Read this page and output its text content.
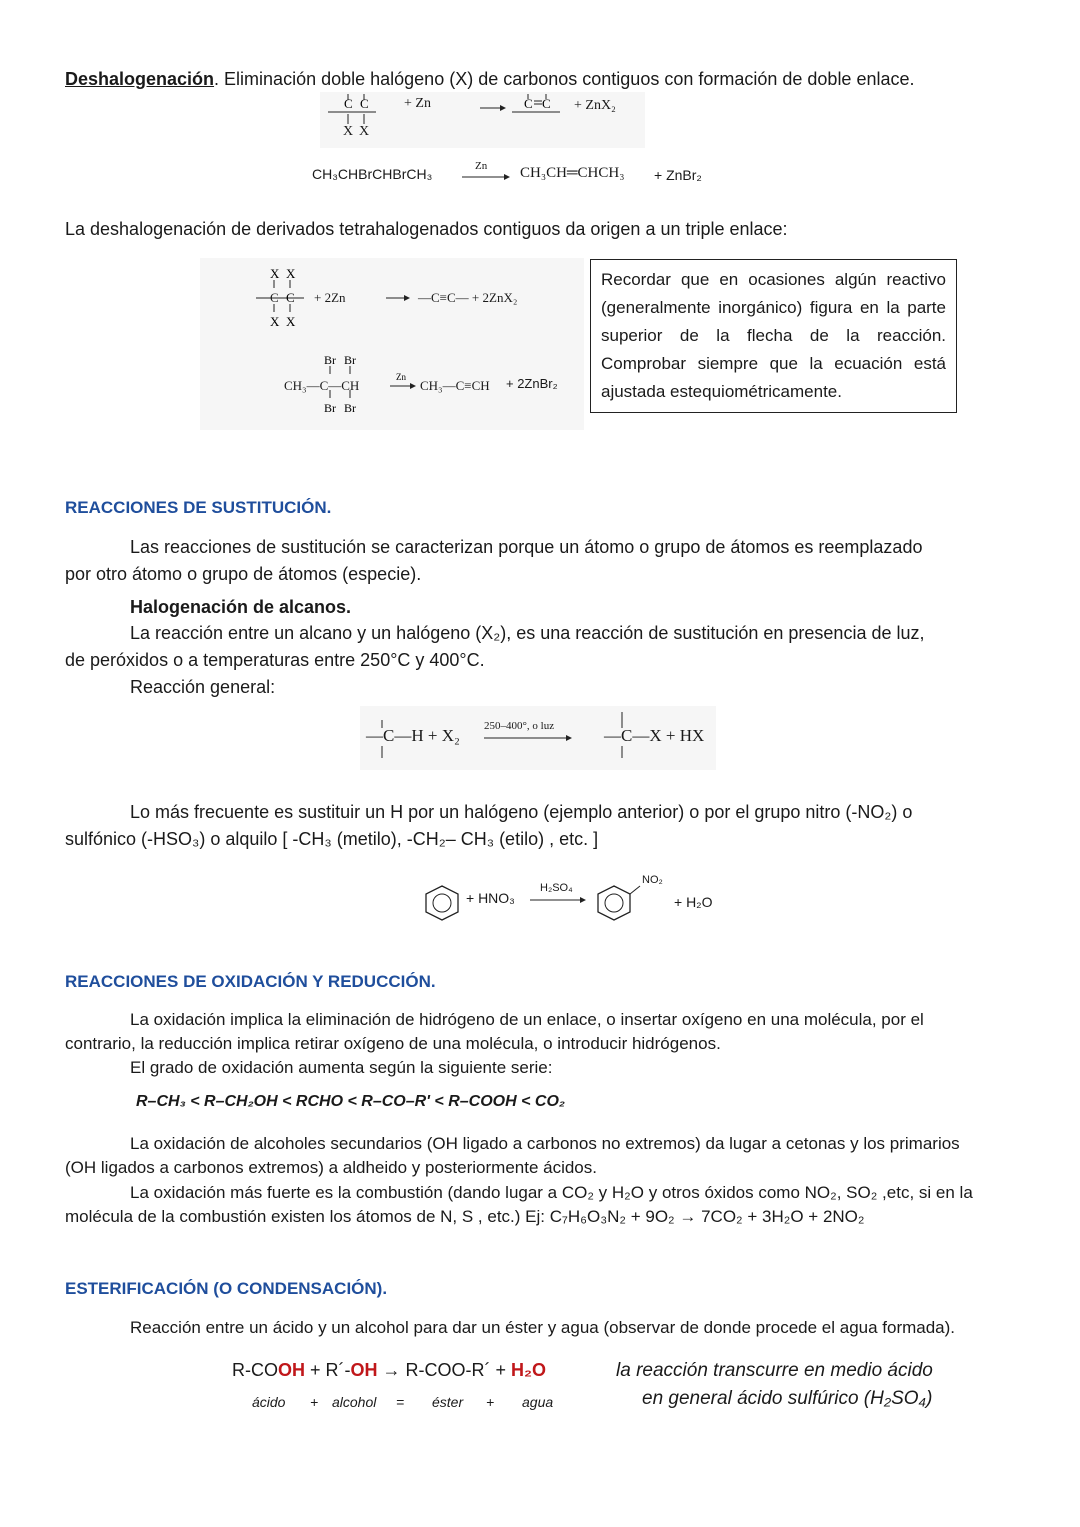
Deshalogenación. Eliminación doble halógeno (X) de carbonos contiguos con formación de doble enlace.
C C	C C
+ Zn	+ ZnX₂
X X
CH₃CHBrCHBrCH₃	Zn → CH₃CH═CHCH₃ + ZnBr₂
La deshalogenación de derivados tetrahalogenados contiguos da origen a un triple enlace:
X X
C C
X X
Br Br
Br Br
Zn
+ 2Zn	—C≡C— + 2ZnX₂
CH₃—C—CH	CH₃—C≡CH + 2ZnBr₂
Recordar que en ocasiones algún reactivo (generalmente inorgánico) figura en la parte superior de la flecha de la reacción. Comprobar siempre que la ecuación está ajustada estequiométricamente.
REACCIONES DE SUSTITUCIÓN.
Las reacciones de sustitución se caracterizan porque un átomo o grupo de átomos es reemplazado
por otro átomo o grupo de átomos (especie).
Halogenación de alcanos.
La reacción entre un alcano y un halógeno (X₂), es una reacción de sustitución en presencia de luz,
de peróxidos o a temperaturas entre 250°C y 400°C.
Reacción general:
—C—H + X₂ 250–400°, o luz	—C—X + HX
Lo más frecuente es sustituir un H por un halógeno (ejemplo anterior) o por el grupo nitro (-NO₂) o
sulfónico (-HSO₃) o alquilo [ -CH₃ (metilo), -CH₂– CH₃ (etilo) , etc. ]
+ HNO₃
H₂SO₄
NO₂
+ H₂O
REACCIONES DE OXIDACIÓN Y REDUCCIÓN.
La oxidación implica la eliminación de hidrógeno de un enlace, o insertar oxígeno en una molécula, por el
contrario, la reducción implica retirar oxígeno de una molécula, o introducir hidrógenos.
El grado de oxidación aumenta según la siguiente serie:
R–CH₃ < R–CH₂OH < RCHO < R–CO–R' < R–COOH < CO₂
La oxidación de alcoholes secundarios (OH ligado a carbonos no extremos) da lugar a cetonas y los primarios
(OH ligados a carbonos extremos) a aldheido y posteriormente ácidos.
La oxidación más fuerte es la combustión (dando lugar a CO₂ y H₂O y otros óxidos como NO₂, SO₂ ,etc, si en la
molécula de la combustión existen los átomos de N, S , etc.) Ej: C₇H₆O₃N₂ + 9O₂ → 7CO₂ + 3H₂O + 2NO₂
ESTERIFICACIÓN (O CONDENSACIÓN).
Reacción entre un ácido y un alcohol para dar un éster y agua (observar de donde procede el agua formada).
R-COOH + R´-OH → R-COO-R´ + H₂O
ácido + alcohol = éster + agua
la reacción transcurre en medio ácido
en general ácido sulfúrico (H₂SO₄)
